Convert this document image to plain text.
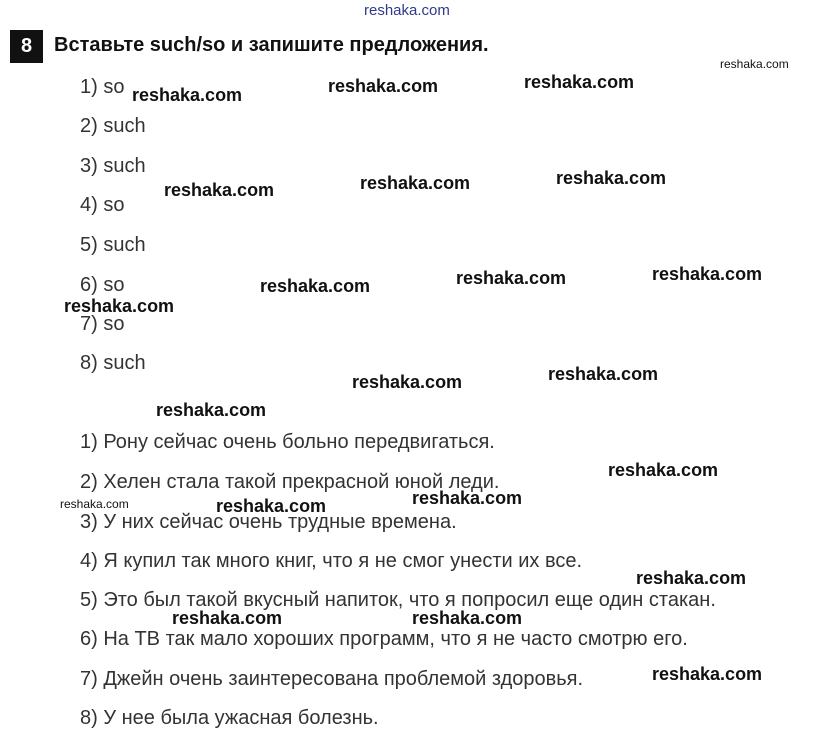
reshaka.com
8	Вставьте such/so и запишите предложения.
1) so
2) such
3) such
4) so
5) such
6) so
7) so
8) such
1) Рону сейчас очень больно передвигаться.
2) Хелен стала такой прекрасной юной леди.
3) У них сейчас очень трудные времена.
4) Я купил так много книг, что я не смог унести их все.
5) Это был такой вкусный напиток, что я попросил еще один стакан.
6) На ТВ так мало хороших программ, что я не часто смотрю его.
7) Джейн очень заинтересована проблемой здоровья.
8) У нее была ужасная болезнь.
reshaka.com
reshaka.com	reshaka.com	reshaka.com
reshaka.com	reshaka.com	reshaka.com
reshaka.com	reshaka.com	reshaka.com
reshaka.com
reshaka.com	reshaka.com
reshaka.com
reshaka.com
reshaka.com
reshaka.com	reshaka.com
reshaka.com
reshaka.com	reshaka.com
reshaka.com
